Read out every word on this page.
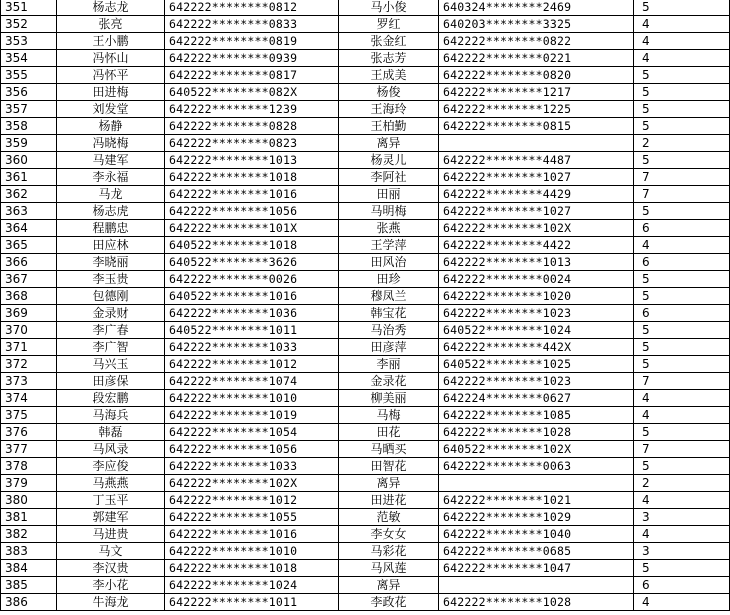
351	杨志龙	642222********0812	马小俊	640324********2469	5
352	张亮	642222********0833	罗红	640203********3325	4
353	王小鹏	642222********0819	张金红	642222********0822	4
354	冯怀山	642222********0939	张志芳	642222********0221	4
355	冯怀平	642222********0817	王成美	642222********0820	5
356	田进梅	640522********082X	杨俊	642222********1217	5
357	刘发堂	642222********1239	王海玲	642222********1225	5
358	杨静	642222********0828	王柏勤	642222********0815	5
359	冯晓梅	642222********0823	离异		2
360	马建军	642222********1013	杨灵儿	642222********4487	5
361	李永福	642222********1018	李阿社	642222********1027	7
362	马龙	642222********1016	田丽	642222********4429	7
363	杨志虎	642222********1056	马明梅	642222********1027	5
364	程鹏忠	642222********101X	张燕	642222********102X	6
365	田应林	640522********1018	王学萍	642222********4422	4
366	李晓丽	640522********3626	田风治	642222********1013	6
367	李玉贵	642222********0026	田珍	642222********0024	5
368	包德刚	640522********1016	穆凤兰	642222********1020	5
369	金录财	642222********1036	韩宝花	642222********1023	6
370	李广春	640522********1011	马治秀	640522********1024	5
371	李广智	642222********1033	田彦萍	642222********442X	5
372	马兴玉	642222********1012	李丽	640522********1025	5
373	田彦保	642222********1074	金录花	642222********1023	7
374	段宏鹏	642222********1010	柳美丽	642224********0627	4
375	马海兵	642222********1019	马梅	642222********1085	4
376	韩磊	642222********1054	田花	642222********1028	5
377	马风录	642222********1056	马晒买	640522********102X	7
378	李应俊	642222********1033	田智花	642222********0063	5
379	马燕燕	642222********102X	离异		2
380	丁玉平	642222********1012	田进花	642222********1021	4
381	郭建军	642222********1055	范敏	642222********1029	3
382	马进贵	642222********1016	李女女	642222********1040	4
383	马文	642222********1010	马彩花	642222********0685	3
384	李汉贵	642222********1018	马风莲	642222********1047	5
385	李小花	642222********1024	离异		6
386	牛海龙	642222********1011	李政花	642222********1028	4
